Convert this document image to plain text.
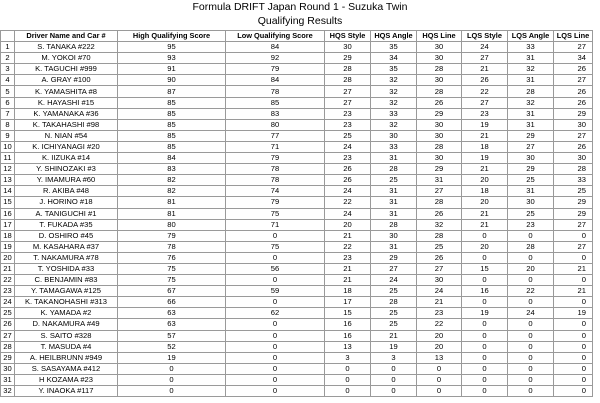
Formula DRIFT Japan Round 1 - Suzuka Twin
Qualifying Results
	Driver Name and Car #	High Qualifying Score	Low Qualifying Score	HQS Style	HQS Angle	HQS Line	LQS Style	LQS Angle	LQS Line
1	S. TANAKA #222	95	84	30	35	30	24	33	27
2	M. YOKOI #70	93	92	29	34	30	27	31	34
3	K. TAGUCHI #999	91	79	28	35	28	21	32	26
4	A. GRAY #100	90	84	28	32	30	26	31	27
5	K. YAMASHITA #8	87	78	27	32	28	22	28	26
6	K. HAYASHI #15	85	85	27	32	26	27	32	26
7	K. YAMANAKA #36	85	83	23	33	29	23	31	29
8	K. TAKAHASHI #98	85	80	23	32	30	19	31	30
9	N. NIAN #54	85	77	25	30	30	21	29	27
10	K. ICHIYANAGI #20	85	71	24	33	28	18	27	26
11	K. IIZUKA #14	84	79	23	31	30	19	30	30
12	Y. SHINOZAKI #3	83	78	26	28	29	21	29	28
13	Y. IMAMURA #60	82	78	26	25	31	20	25	33
14	R. AKIBA #48	82	74	24	31	27	18	31	25
15	J. HORINO #18	81	79	22	31	28	20	30	29
16	A. TANIGUCHI #1	81	75	24	31	26	21	25	29
17	T. FUKADA #35	80	71	20	28	32	21	23	27
18	D. OSHIRO #45	79	0	21	30	28	0	0	0
19	M. KASAHARA #37	78	75	22	31	25	20	28	27
20	T. NAKAMURA #78	76	0	23	29	26	0	0	0
21	T. YOSHIDA #33	75	56	21	27	27	15	20	21
22	C. BENJAMIN #83	75	0	21	24	30	0	0	0
23	Y. TAMAGAWA #125	67	59	18	25	24	16	22	21
24	K. TAKANOHASHI #313	66	0	17	28	21	0	0	0
25	K. YAMADA #2	63	62	15	25	23	19	24	19
26	D. NAKAMURA #49	63	0	16	25	22	0	0	0
27	S. SAITO #328	57	0	16	21	20	0	0	0
28	T. MASUDA #4	52	0	13	19	20	0	0	0
29	A. HEILBRUNN #949	19	0	3	3	13	0	0	0
30	S. SASAYAMA #412	0	0	0	0	0	0	0	0
31	H KOZAMA #23	0	0	0	0	0	0	0	0
32	Y. INAOKA #117	0	0	0	0	0	0	0	0
